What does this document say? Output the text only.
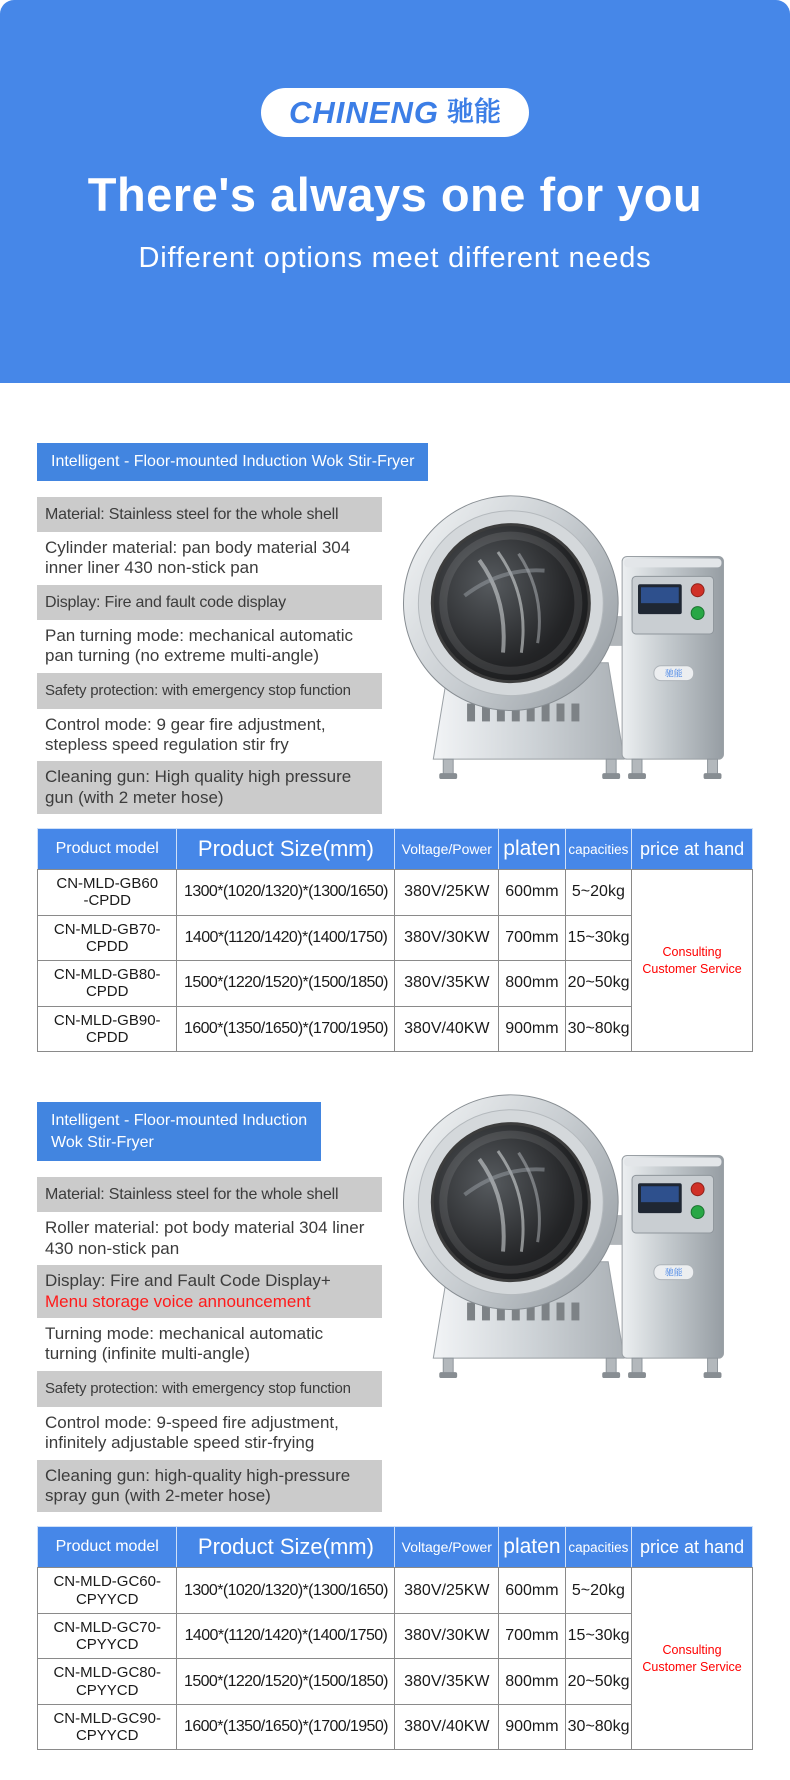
CHINENG 驰能
There's always one for you
Different options meet different needs
Intelligent - Floor-mounted Induction Wok Stir-Fryer
Material: Stainless steel for the whole shell
Cylinder material: pan body material 304 inner liner 430 non-stick pan
Display: Fire and fault code display
Pan turning mode: mechanical automatic pan turning (no extreme multi-angle)
Safety protection: with emergency stop function
Control mode: 9 gear fire adjustment, stepless speed regulation stir fry
Cleaning gun: High quality high pressure gun (with 2 meter hose)
Product model	Product Size(mm)	Voltage/Power	platen	capacities	price at hand

CN-MLD-GB60
-CPDD	1300*(1020/1320)*(1300/1650)	380V/25KW	600mm	5~20kg	Consulting Customer Service

CN-MLD-GB70-
CPDD	1400*(1120/1420)*(1400/1750)	380V/30KW	700mm	15~30kg	

CN-MLD-GB80-
CPDD	1500*(1220/1520)*(1500/1850)	380V/35KW	800mm	20~50kg	

CN-MLD-GB90-
CPDD	1600*(1350/1650)*(1700/1950)	380V/40KW	900mm	30~80kg	
Intelligent - Floor-mounted Induction
Wok Stir-Fryer
Material: Stainless steel for the whole shell
Roller material: pot body material 304 liner 430 non-stick pan
Display: Fire and Fault Code Display+
Menu storage voice announcement
Turning mode: mechanical automatic turning (infinite multi-angle)
Safety protection: with emergency stop function
Control mode: 9-speed fire adjustment, infinitely adjustable speed stir-frying
Cleaning gun: high-quality high-pressure spray gun (with 2-meter hose)
Product model	Product Size(mm)	Voltage/Power	platen	capacities	price at hand

CN-MLD-GC60-
CPYYCD	1300*(1020/1320)*(1300/1650)	380V/25KW	600mm	5~20kg	Consulting Customer Service

CN-MLD-GC70-
CPYYCD	1400*(1120/1420)*(1400/1750)	380V/30KW	700mm	15~30kg	

CN-MLD-GC80-
CPYYCD	1500*(1220/1520)*(1500/1850)	380V/35KW	800mm	20~50kg	

CN-MLD-GC90-
CPYYCD	1600*(1350/1650)*(1700/1950)	380V/40KW	900mm	30~80kg	
